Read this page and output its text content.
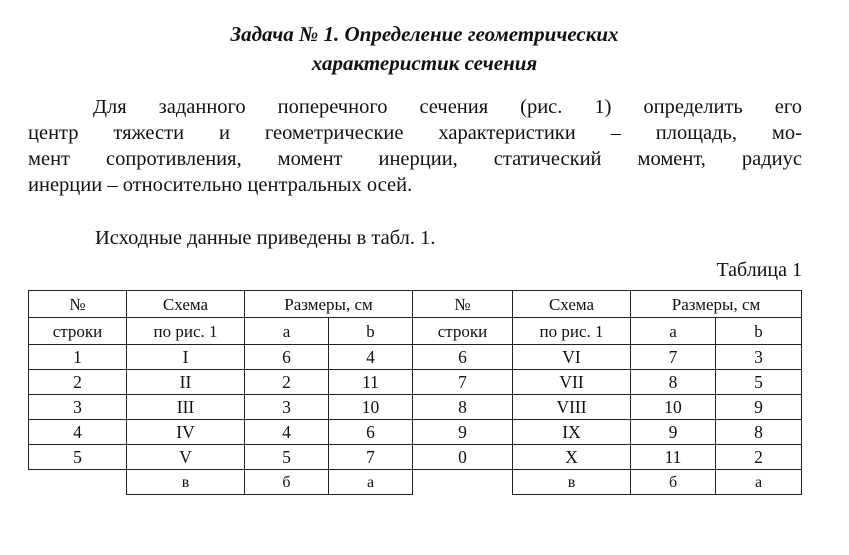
Задача № 1. Определение геометрических
характеристик сечения
Для заданного поперечного сечения (рис. 1) определить его
центр тяжести и геометрические характеристики – площадь, мо-
мент сопротивления, момент инерции, статический момент, радиус
инерции – относительно центральных осей.
Исходные данные приведены в табл. 1.
Таблица 1
№	Схема	Размеры, см		№	Схема	Размеры, см	
строки	по рис. 1	a	b	строки	по рис. 1	a	b
1	I	6	4	6	VI	7	3
2	II	2	11	7	VII	8	5
3	III	3	10	8	VIII	10	9
4	IV	4	6	9	IX	9	8
5	V	5	7	0	X	11	2
	в	б	а		в	б	а
